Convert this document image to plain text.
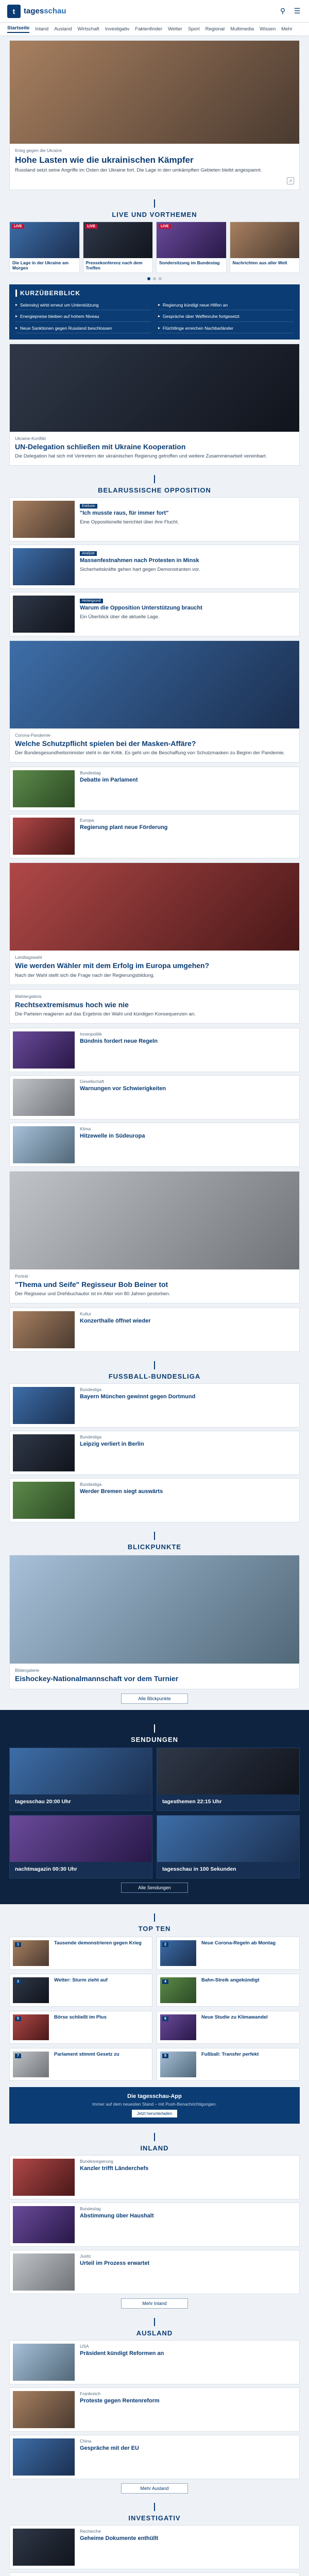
t	tagesschau	⚲ ☰
Startseite Inland Ausland Wirtschaft Investigativ Faktenfinder Wetter Sport Regional Multimedia Wissen Mehr
Krieg gegen die Ukraine
Hohe Lasten wie die ukrainischen Kämpfer
Russland setzt seine Angriffe im Osten der Ukraine fort. Die Lage in den umkämpften Gebieten bleibt angespannt.
↗
LIVE UND VORTHEMEN
LIVE
Die Lage in der Ukraine am Morgen
LIVE
Pressekonferenz nach dem Treffen
LIVE
Sondersitzung im Bundestag	Nachrichten aus aller Welt
KURZÜBERBLICK
▸ Selenskyj wirbt erneut um Unterstützung	▸ Regierung kündigt neue Hilfen an
▸ Energiepreise bleiben auf hohem Niveau	▸ Gespräche über Waffenruhe fortgesetzt
▸ Neue Sanktionen gegen Russland beschlossen	▸ Flüchtlinge erreichen Nachbarländer
Ukraine-Konflikt
UN-Delegation schließen mit Ukraine Kooperation
Die Delegation hat sich mit Vertretern der ukrainischen Regierung getroffen und weitere Zusammenarbeit vereinbart.
BELARUSSISCHE OPPOSITION
Exklusiv
"Ich musste raus, für immer fort"
Eine Oppositionelle berichtet über ihre Flucht.
Analyse
Massenfestnahmen nach Protesten in Minsk
Sicherheitskräfte gehen hart gegen Demonstranten vor.
Hintergrund
Warum die Opposition Unterstützung braucht
Ein Überblick über die aktuelle Lage.
Corona-Pandemie
Welche Schutzpflicht spielen bei der Masken-Affäre?
Der Bundesgesundheitsminister steht in der Kritik. Es geht um die Beschaffung von Schutzmasken zu Beginn der Pandemie.
Bundestag
Debatte im Parlament
Europa
Regierung plant neue Förderung
Landtagswahl
Wie werden Wähler mit dem Erfolg im Europa umgehen?
Nach der Wahl stellt sich die Frage nach der Regierungsbildung.
Wahlergebnis
Rechtsextremismus hoch wie nie
Die Parteien reagieren auf das Ergebnis der Wahl und kündigen Konsequenzen an.
Innenpolitik
Bündnis fordert neue Regeln
Gesellschaft
Warnungen vor Schwierigkeiten
Klima
Hitzewelle in Südeuropa
Porträt
"Thema und Seife" Regisseur Bob Beiner tot
Der Regisseur und Drehbuchautor ist im Alter von 80 Jahren gestorben.
Kultur
Konzerthalle öffnet wieder
FUSSBALL-BUNDESLIGA
Bundesliga
Bayern München gewinnt gegen Dortmund
Bundesliga
Leipzig verliert in Berlin
Bundesliga
Werder Bremen siegt auswärts
BLICKPUNKTE
Bildergalerie
Eishockey-Nationalmannschaft vor dem Turnier
Alle Blickpunkte
SENDUNGEN
tagesschau 20:00 Uhr	tagesthemen 22:15 Uhr
nachtmagazin 00:30 Uhr	tagesschau in 100 Sekunden
Alle Sendungen
TOP TEN
1	Tausende demonstrieren gegen Krieg	2	Neue Corona-Regeln ab Montag
3	Wetter: Sturm zieht auf	4	Bahn-Streik angekündigt
5	Börse schließt im Plus	6	Neue Studie zu Klimawandel
7	Parlament stimmt Gesetz zu	8	Fußball: Transfer perfekt
Die tagesschau-App
Immer auf dem neuesten Stand – mit Push-Benachrichtigungen.
Jetzt herunterladen
INLAND
Bundesregierung
Kanzler trifft Länderchefs
Bundestag
Abstimmung über Haushalt
Justiz
Urteil im Prozess erwartet
Mehr Inland
AUSLAND
USA
Präsident kündigt Reformen an
Frankreich
Proteste gegen Rentenreform
China
Gespräche mit der EU
Mehr Ausland
INVESTIGATIV
Recherche
Geheime Dokumente enthüllt
